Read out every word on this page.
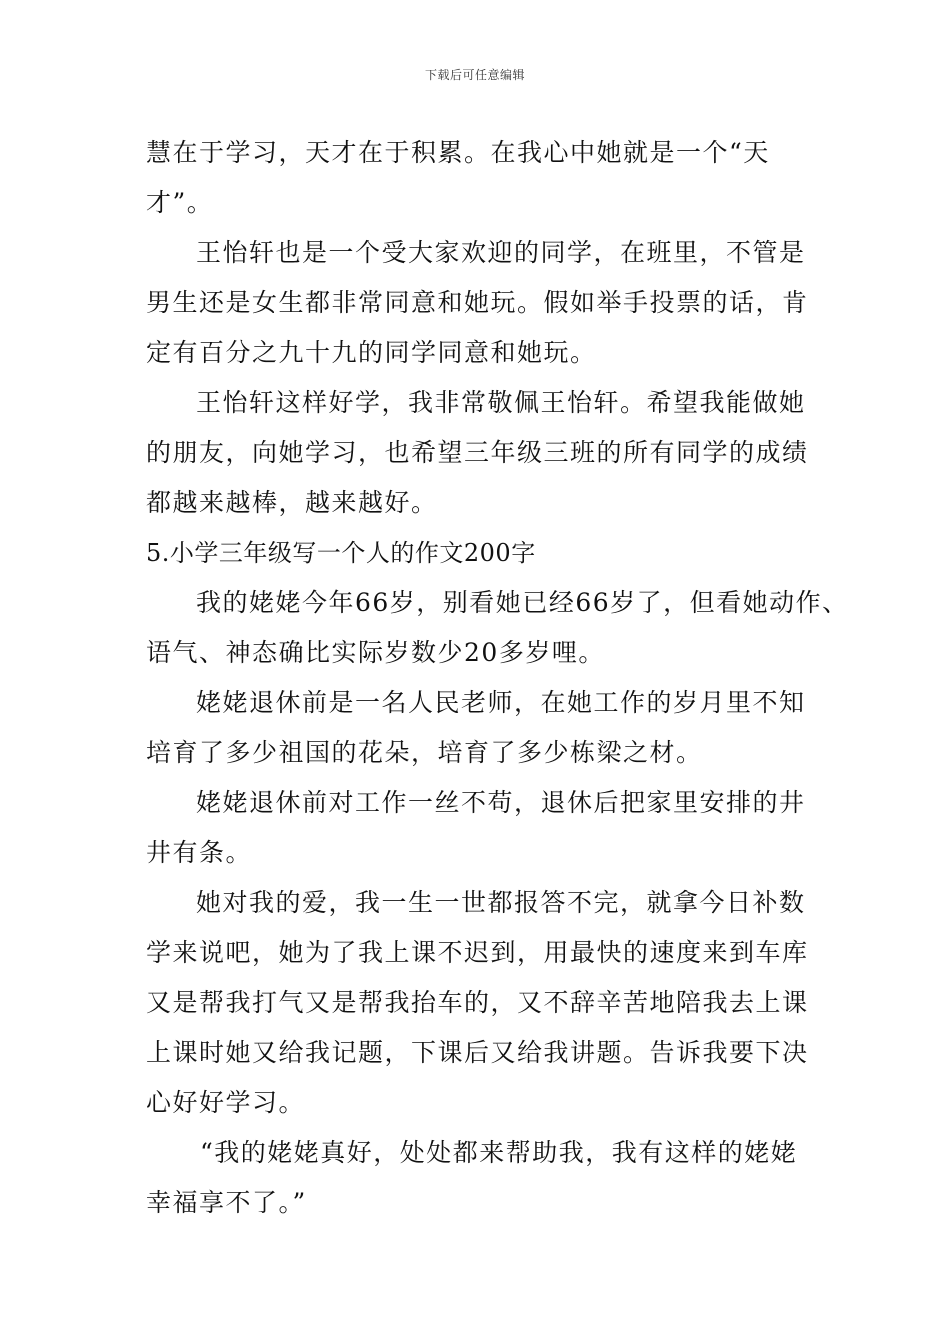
下载后可任意编辑
慧在于学习，天才在于积累。在我心中她就是一个“天
才”。
王怡轩也是一个受大家欢迎的同学，在班里，不管是
男生还是女生都非常同意和她玩。假如举手投票的话，肯
定有百分之九十九的同学同意和她玩。
王怡轩这样好学，我非常敬佩王怡轩。希望我能做她
的朋友，向她学习，也希望三年级三班的所有同学的成绩
都越来越棒，越来越好。
5.小学三年级写一个人的作文200字
我的姥姥今年66岁，别看她已经66岁了，但看她动作、
语气、神态确比实际岁数少20多岁哩。
姥姥退休前是一名人民老师，在她工作的岁月里不知
培育了多少祖国的花朵，培育了多少栋梁之材。
姥姥退休前对工作一丝不苟，退休后把家里安排的井
井有条。
她对我的爱，我一生一世都报答不完，就拿今日补数
学来说吧，她为了我上课不迟到，用最快的速度来到车库
又是帮我打气又是帮我抬车的，又不辞辛苦地陪我去上课
上课时她又给我记题，下课后又给我讲题。告诉我要下决
心好好学习。
“我的姥姥真好，处处都来帮助我，我有这样的姥姥
幸福享不了。”
